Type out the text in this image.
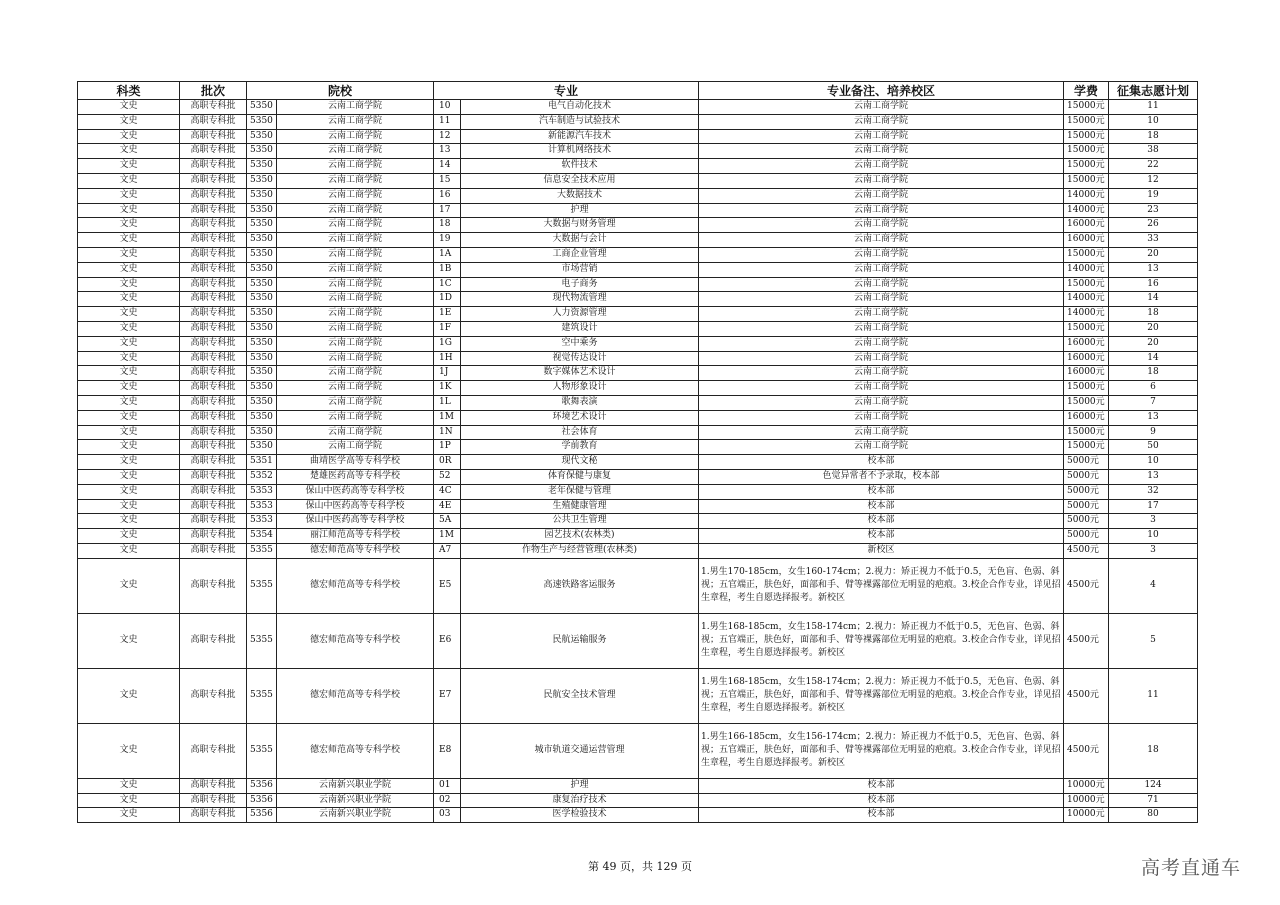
科类	批次	院校		专业		专业备注、培养校区	学费	征集志愿计划
文史	高职专科批	5350	云南工商学院	10	电气自动化技术	云南工商学院	15000元	11
文史	高职专科批	5350	云南工商学院	11	汽车制造与试验技术	云南工商学院	15000元	10
文史	高职专科批	5350	云南工商学院	12	新能源汽车技术	云南工商学院	15000元	18
文史	高职专科批	5350	云南工商学院	13	计算机网络技术	云南工商学院	15000元	38
文史	高职专科批	5350	云南工商学院	14	软件技术	云南工商学院	15000元	22
文史	高职专科批	5350	云南工商学院	15	信息安全技术应用	云南工商学院	15000元	12
文史	高职专科批	5350	云南工商学院	16	大数据技术	云南工商学院	14000元	19
文史	高职专科批	5350	云南工商学院	17	护理	云南工商学院	14000元	23
文史	高职专科批	5350	云南工商学院	18	大数据与财务管理	云南工商学院	16000元	26
文史	高职专科批	5350	云南工商学院	19	大数据与会计	云南工商学院	16000元	33
文史	高职专科批	5350	云南工商学院	1A	工商企业管理	云南工商学院	15000元	20
文史	高职专科批	5350	云南工商学院	1B	市场营销	云南工商学院	14000元	13
文史	高职专科批	5350	云南工商学院	1C	电子商务	云南工商学院	15000元	16
文史	高职专科批	5350	云南工商学院	1D	现代物流管理	云南工商学院	14000元	14
文史	高职专科批	5350	云南工商学院	1E	人力资源管理	云南工商学院	14000元	18
文史	高职专科批	5350	云南工商学院	1F	建筑设计	云南工商学院	15000元	20
文史	高职专科批	5350	云南工商学院	1G	空中乘务	云南工商学院	16000元	20
文史	高职专科批	5350	云南工商学院	1H	视觉传达设计	云南工商学院	16000元	14
文史	高职专科批	5350	云南工商学院	1J	数字媒体艺术设计	云南工商学院	16000元	18
文史	高职专科批	5350	云南工商学院	1K	人物形象设计	云南工商学院	15000元	6
文史	高职专科批	5350	云南工商学院	1L	歌舞表演	云南工商学院	15000元	7
文史	高职专科批	5350	云南工商学院	1M	环境艺术设计	云南工商学院	16000元	13
文史	高职专科批	5350	云南工商学院	1N	社会体育	云南工商学院	15000元	9
文史	高职专科批	5350	云南工商学院	1P	学前教育	云南工商学院	15000元	50
文史	高职专科批	5351	曲靖医学高等专科学校	0R	现代文秘	校本部	5000元	10
文史	高职专科批	5352	楚雄医药高等专科学校	52	体育保健与康复	色觉异常者不予录取，校本部	5000元	13
文史	高职专科批	5353	保山中医药高等专科学校	4C	老年保健与管理	校本部	5000元	32
文史	高职专科批	5353	保山中医药高等专科学校	4E	生殖健康管理	校本部	5000元	17
文史	高职专科批	5353	保山中医药高等专科学校	5A	公共卫生管理	校本部	5000元	3
文史	高职专科批	5354	丽江师范高等专科学校	1M	园艺技术(农林类)	校本部	5000元	10
文史	高职专科批	5355	德宏师范高等专科学校	A7	作物生产与经营管理(农林类)	新校区	4500元	3
文史	高职专科批	5355	德宏师范高等专科学校	E5	高速铁路客运服务	1.男生170-185cm，女生160-174cm；2.视力：矫正视力不低于0.5，无色盲、色弱、斜视；五官端正，肤色好，面部和手、臂等裸露部位无明显的疤痕。3.校企合作专业，详见招生章程，考生自愿选择报考。新校区	4500元	4
文史	高职专科批	5355	德宏师范高等专科学校	E6	民航运输服务	1.男生168-185cm，女生158-174cm；2.视力：矫正视力不低于0.5，无色盲、色弱、斜视；五官端正，肤色好，面部和手、臂等裸露部位无明显的疤痕。3.校企合作专业，详见招生章程，考生自愿选择报考。新校区	4500元	5
文史	高职专科批	5355	德宏师范高等专科学校	E7	民航安全技术管理	1.男生168-185cm，女生158-174cm；2.视力：矫正视力不低于0.5，无色盲、色弱、斜视；五官端正，肤色好，面部和手、臂等裸露部位无明显的疤痕。3.校企合作专业，详见招生章程，考生自愿选择报考。新校区	4500元	11
文史	高职专科批	5355	德宏师范高等专科学校	E8	城市轨道交通运营管理	1.男生166-185cm，女生156-174cm；2.视力：矫正视力不低于0.5，无色盲、色弱、斜视；五官端正，肤色好，面部和手、臂等裸露部位无明显的疤痕。3.校企合作专业，详见招生章程，考生自愿选择报考。新校区	4500元	18
文史	高职专科批	5356	云南新兴职业学院	01	护理	校本部	10000元	124
文史	高职专科批	5356	云南新兴职业学院	02	康复治疗技术	校本部	10000元	71
文史	高职专科批	5356	云南新兴职业学院	03	医学检验技术	校本部	10000元	80
第 49 页，共 129 页	高考直通车
